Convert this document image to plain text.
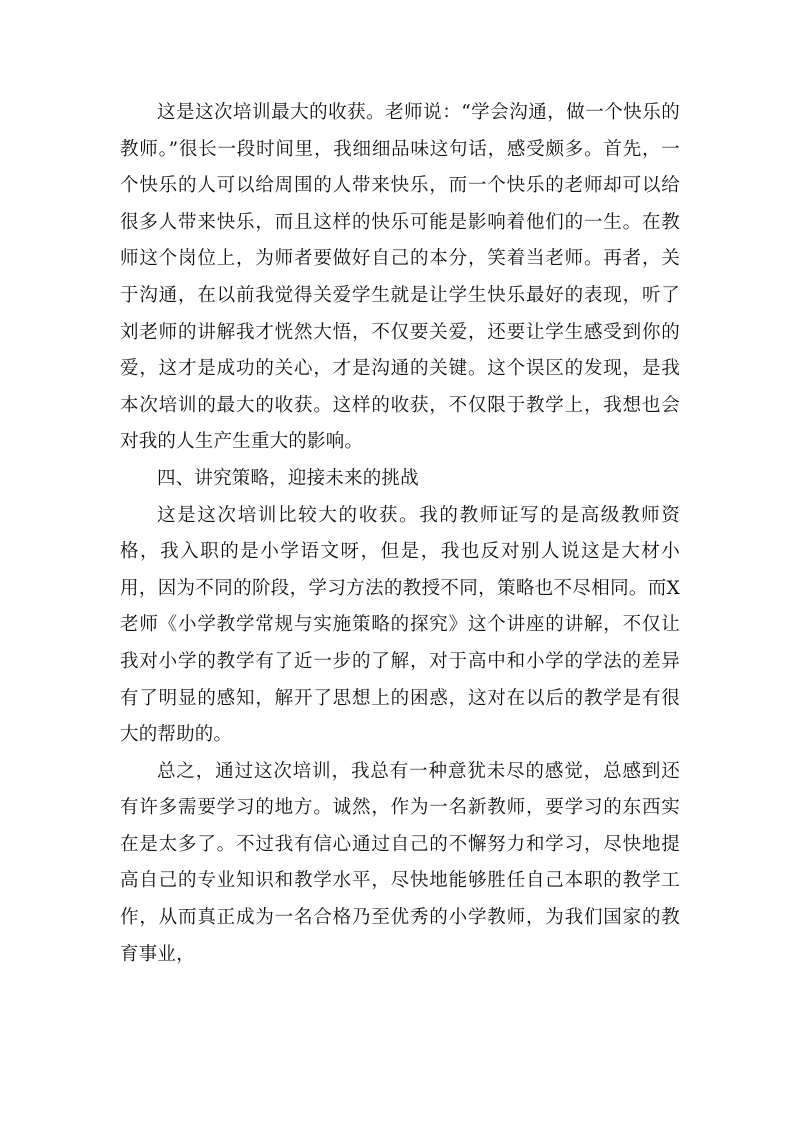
这是这次培训最大的收获。老师说：“学会沟通，做一个快乐的教师。”很长一段时间里，我细细品味这句话，感受颇多。首先，一个快乐的人可以给周围的人带来快乐，而一个快乐的老师却可以给很多人带来快乐，而且这样的快乐可能是影响着他们的一生。在教师这个岗位上，为师者要做好自己的本分，笑着当老师。再者，关于沟通，在以前我觉得关爱学生就是让学生快乐最好的表现，听了刘老师的讲解我才恍然大悟，不仅要关爱，还要让学生感受到你的爱，这才是成功的关心，才是沟通的关键。这个误区的发现，是我本次培训的最大的收获。这样的收获，不仅限于教学上，我想也会对我的人生产生重大的影响。

四、讲究策略，迎接未来的挑战

这是这次培训比较大的收获。我的教师证写的是高级教师资格，我入职的是小学语文呀，但是，我也反对别人说这是大材小用，因为不同的阶段，学习方法的教授不同，策略也不尽相同。而X老师《小学教学常规与实施策略的探究》这个讲座的讲解，不仅让我对小学的教学有了近一步的了解，对于高中和小学的学法的差异有了明显的感知，解开了思想上的困惑，这对在以后的教学是有很大的帮助的。

总之，通过这次培训，我总有一种意犹未尽的感觉，总感到还有许多需要学习的地方。诚然，作为一名新教师，要学习的东西实在是太多了。不过我有信心通过自己的不懈努力和学习，尽快地提高自己的专业知识和教学水平，尽快地能够胜任自己本职的教学工作，从而真正成为一名合格乃至优秀的小学教师，为我们国家的教育事业，
